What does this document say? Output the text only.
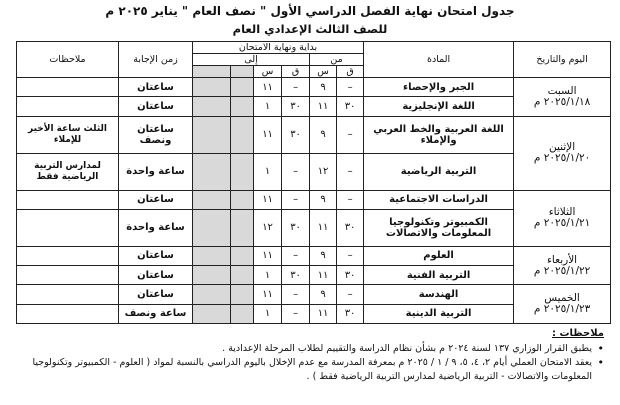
جدول امتحان نهاية الفصل الدراسي الأول " نصف العام " يناير ٢٠٢٥ م
للصف الثالث الإعدادي العام
اليوم والتاريخ	المادة	بداية ونهاية الامتحان						زمن الإجابة	ملاحظات
		من		إلى					
		ق	س	ق	س				

السبت
٢٠٢٥/١/١٨ م	الجبر والإحصاء	–	٩	–	١١			ساعتان	
	اللغة الإنجليزية	٣٠	١١	٣٠	١			ساعتان	

الإثنين
٢٠٢٥/١/٢٠ م	اللغة العربية والخط العربي والإملاء	–	٩	٣٠	١١			ساعتان ونصف	الثلث ساعة الأخير للإملاء
	التربية الرياضية	–	١٢	–	١			ساعة واحدة	لمدارس التربية الرياضية فقط

الثلاثاء
٢٠٢٥/١/٢١ م	الدراسات الاجتماعية	–	٩	–	١١			ساعتان	
	الكمبيوتر وتكنولوجيا المعلومات والاتصالات	٣٠	١١	٣٠	١٢			ساعة واحدة	

الأربعاء
٢٠٢٥/١/٢٢ م	العلوم	–	٩	–	١١			ساعتان	
	التربية الفنية	٣٠	١١	٣٠	١			ساعتان	

الخميس
٢٠٢٥/١/٢٣ م	الهندسة	–	٩	–	١١			ساعتان	
	التربية الدينية	٣٠	١١	–	١			ساعة ونصف	
ملاحظات :
• يطبق القرار الوزاري ١٣٧ لسنة ٢٠٢٤ م بشأن نظام الدراسة والتقييم لطلاب المرحلة الإعدادية .
• يعقد الامتحان العملي أيام ٢، ٤، ٥، ٩ / ١ / ٢٠٢٥ م بمعرفة المدرسة مع عدم الإخلال باليوم الدراسي بالنسبة لمواد ( العلوم - الكمبيوتر وتكنولوجيا المعلومات والاتصالات - التربية الرياضية لمدارس التربية الرياضية فقط ) .
